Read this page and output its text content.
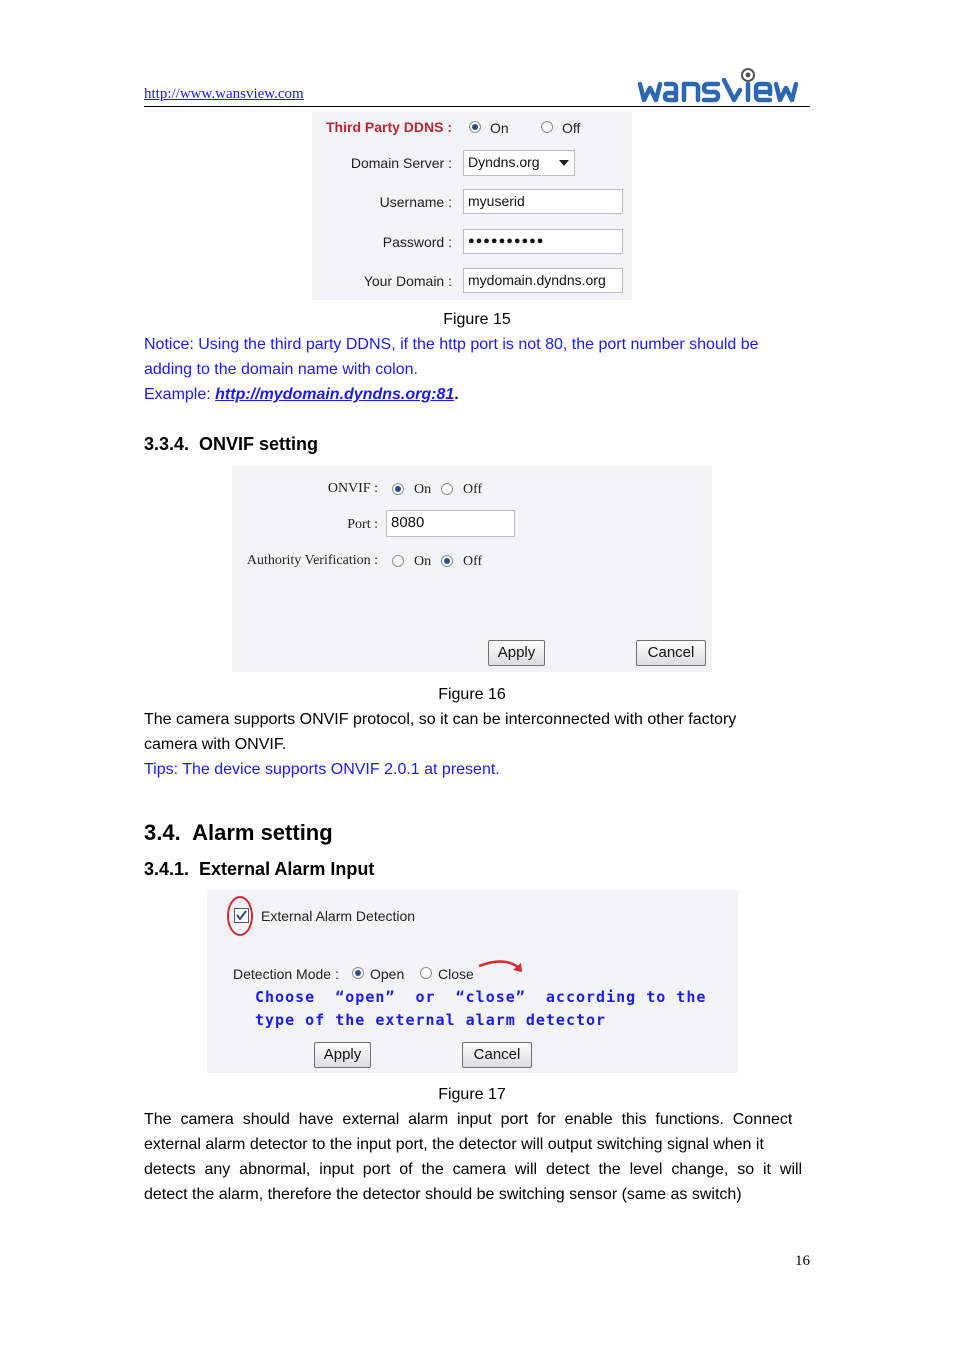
http://www.wansview.com
Third Party DDNS :	On	Off
Domain Server :	Dyndns.org
Username :	myuserid
Password :	●●●●●●●●●●
Your Domain :	mydomain.dyndns.org
Figure 15
Notice: Using the third party DDNS, if the http port is not 80, the port number should be
adding to the domain name with colon.
Example: http://mydomain.dyndns.org:81.
3.3.4.  ONVIF setting
ONVIF :	On Off
Port : 8080
Authority Verification :	On Off
Apply	Cancel
Figure 16
The camera supports ONVIF protocol, so it can be interconnected with other factory
camera with ONVIF.
Tips: The device supports ONVIF 2.0.1 at present.
3.4.  Alarm setting
3.4.1.  External Alarm Input
External Alarm Detection
Detection Mode : Open Close
Choose  “open”  or  “close”  according to the
type of the external alarm detector
Apply	Cancel
Figure 17
The  camera  should  have  external  alarm  input  port  for  enable  this  functions.  Connect
external alarm detector to the input port, the detector will output switching signal when it
detects  any  abnormal,  input  port  of  the  camera  will  detect  the  level  change,  so  it  will
detect the alarm, therefore the detector should be switching sensor (same as switch)
16
